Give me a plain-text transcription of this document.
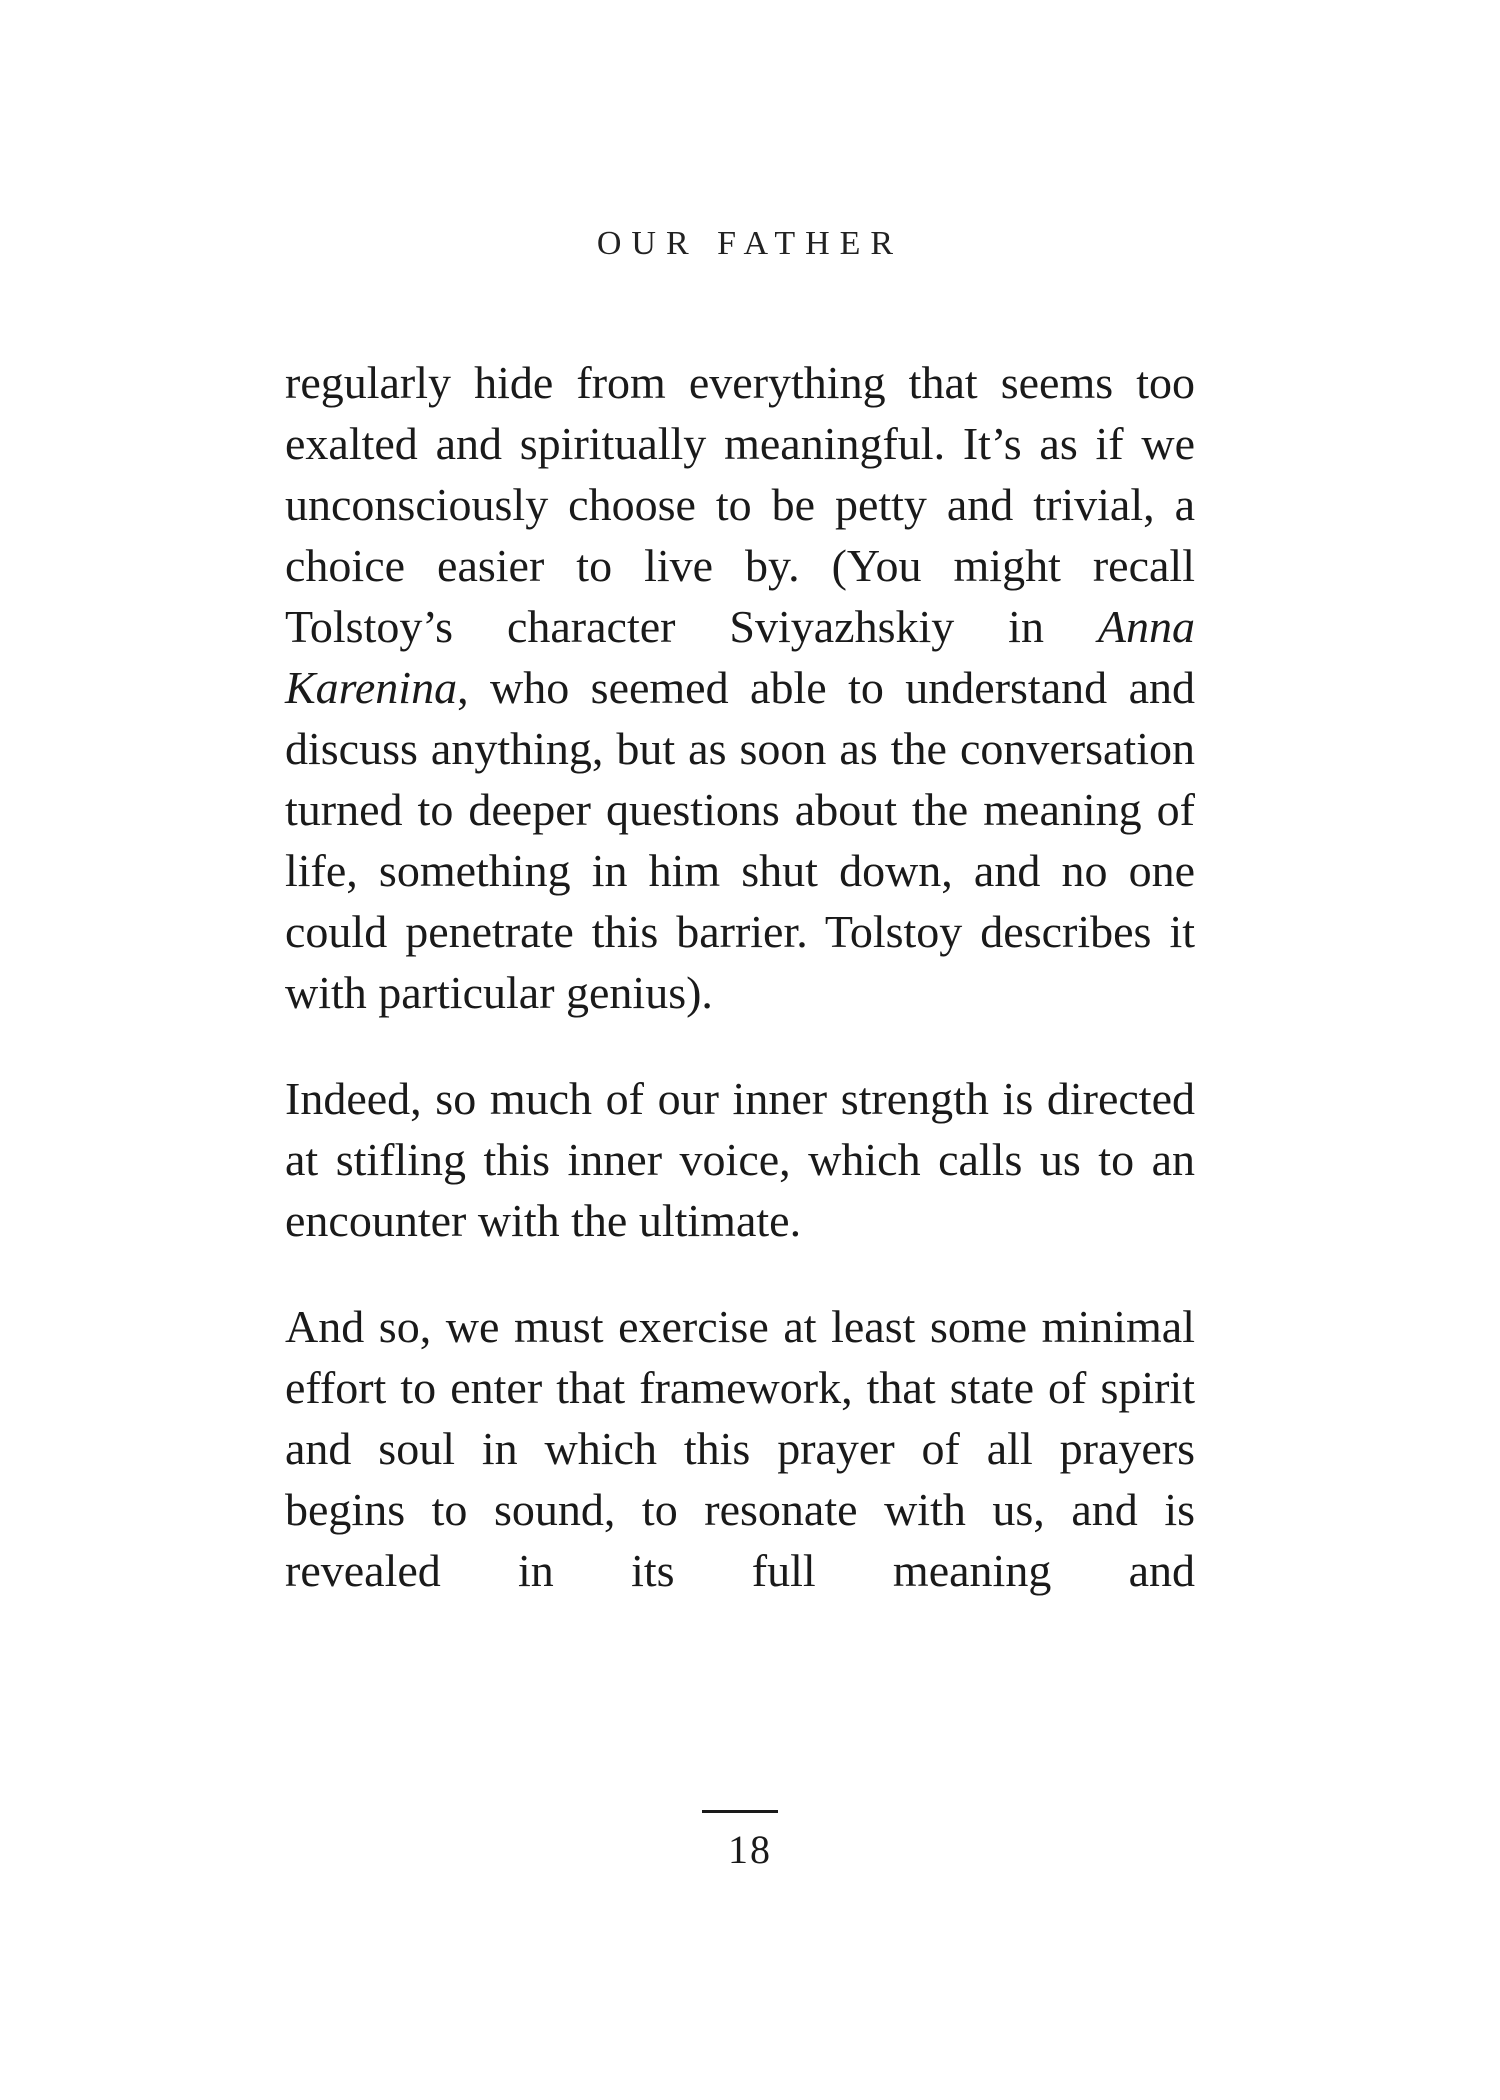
OUR FATHER

regularly hide from everything that seems too exalted and spiritually meaningful. It’s as if we unconsciously choose to be petty and trivial, a choice easier to live by. (You might recall Tolstoy’s character Sviyazhskiy in Anna Karenina, who seemed able to understand and discuss anything, but as soon as the conversation turned to deeper questions about the meaning of life, something in him shut down, and no one could penetrate this barrier. Tolstoy describes it with particular genius).

Indeed, so much of our inner strength is directed at stifling this inner voice, which calls us to an encounter with the ultimate.

And so, we must exercise at least some minimal effort to enter that framework, that state of spirit and soul in which this prayer of all prayers begins to sound, to resonate with us, and is revealed in its full meaning and

18
